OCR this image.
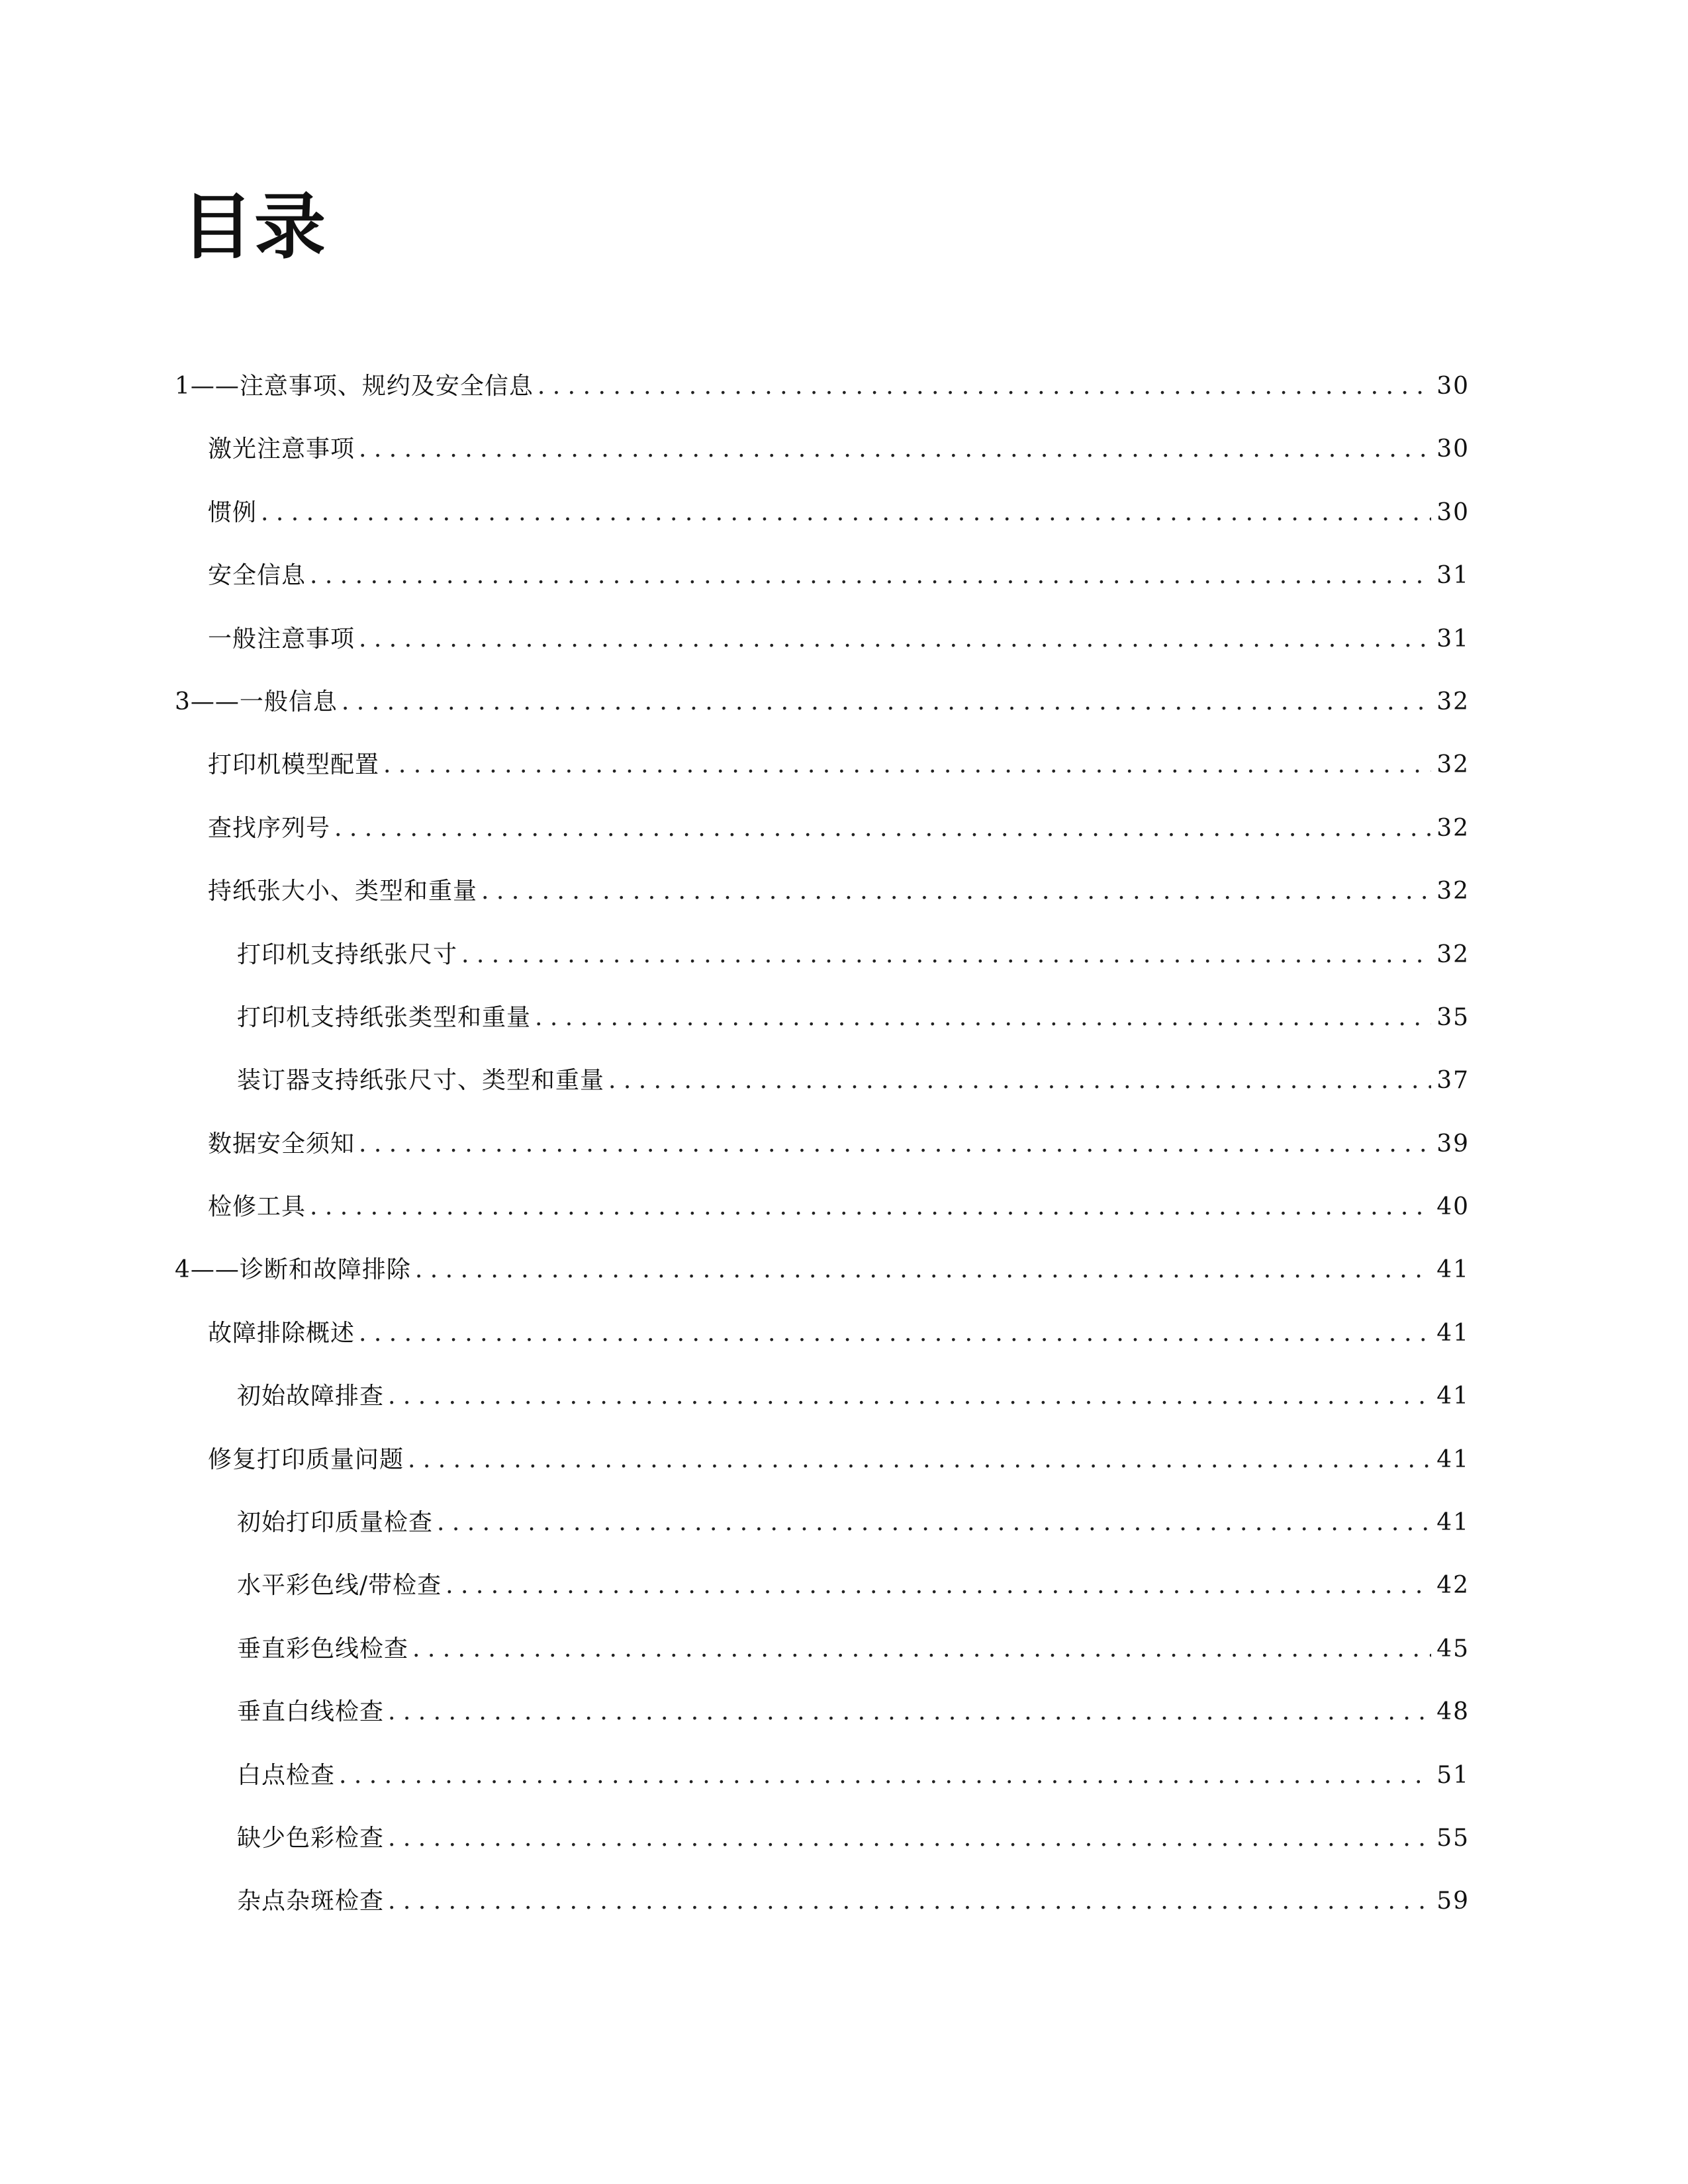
目录
1——注意事项、规约及安全信息 . . .	30
激光注意事项 . . .	30
惯例 . . .	30
安全信息 . . .	31
一般注意事项 . . .	31
3——一般信息 . . .	32
打印机模型配置 . . .	32
查找序列号 . . .	32
持纸张大小、类型和重量 . . .	32
打印机支持纸张尺寸 . . .	32
打印机支持纸张类型和重量 . . .	35
装订器支持纸张尺寸、类型和重量 . . .	37
数据安全须知 . . .	39
检修工具 . . .	40
4——诊断和故障排除 . . .	41
故障排除概述 . . .	41
初始故障排查 . . .	41
修复打印质量问题 . . .	41
初始打印质量检查 . . .	41
水平彩色线/带检查 . . .	42
垂直彩色线检查 . . .	45
垂直白线检查 . . .	48
白点检查 . . .	51
缺少色彩检查 . . .	55
杂点杂斑检查 . . .	59
